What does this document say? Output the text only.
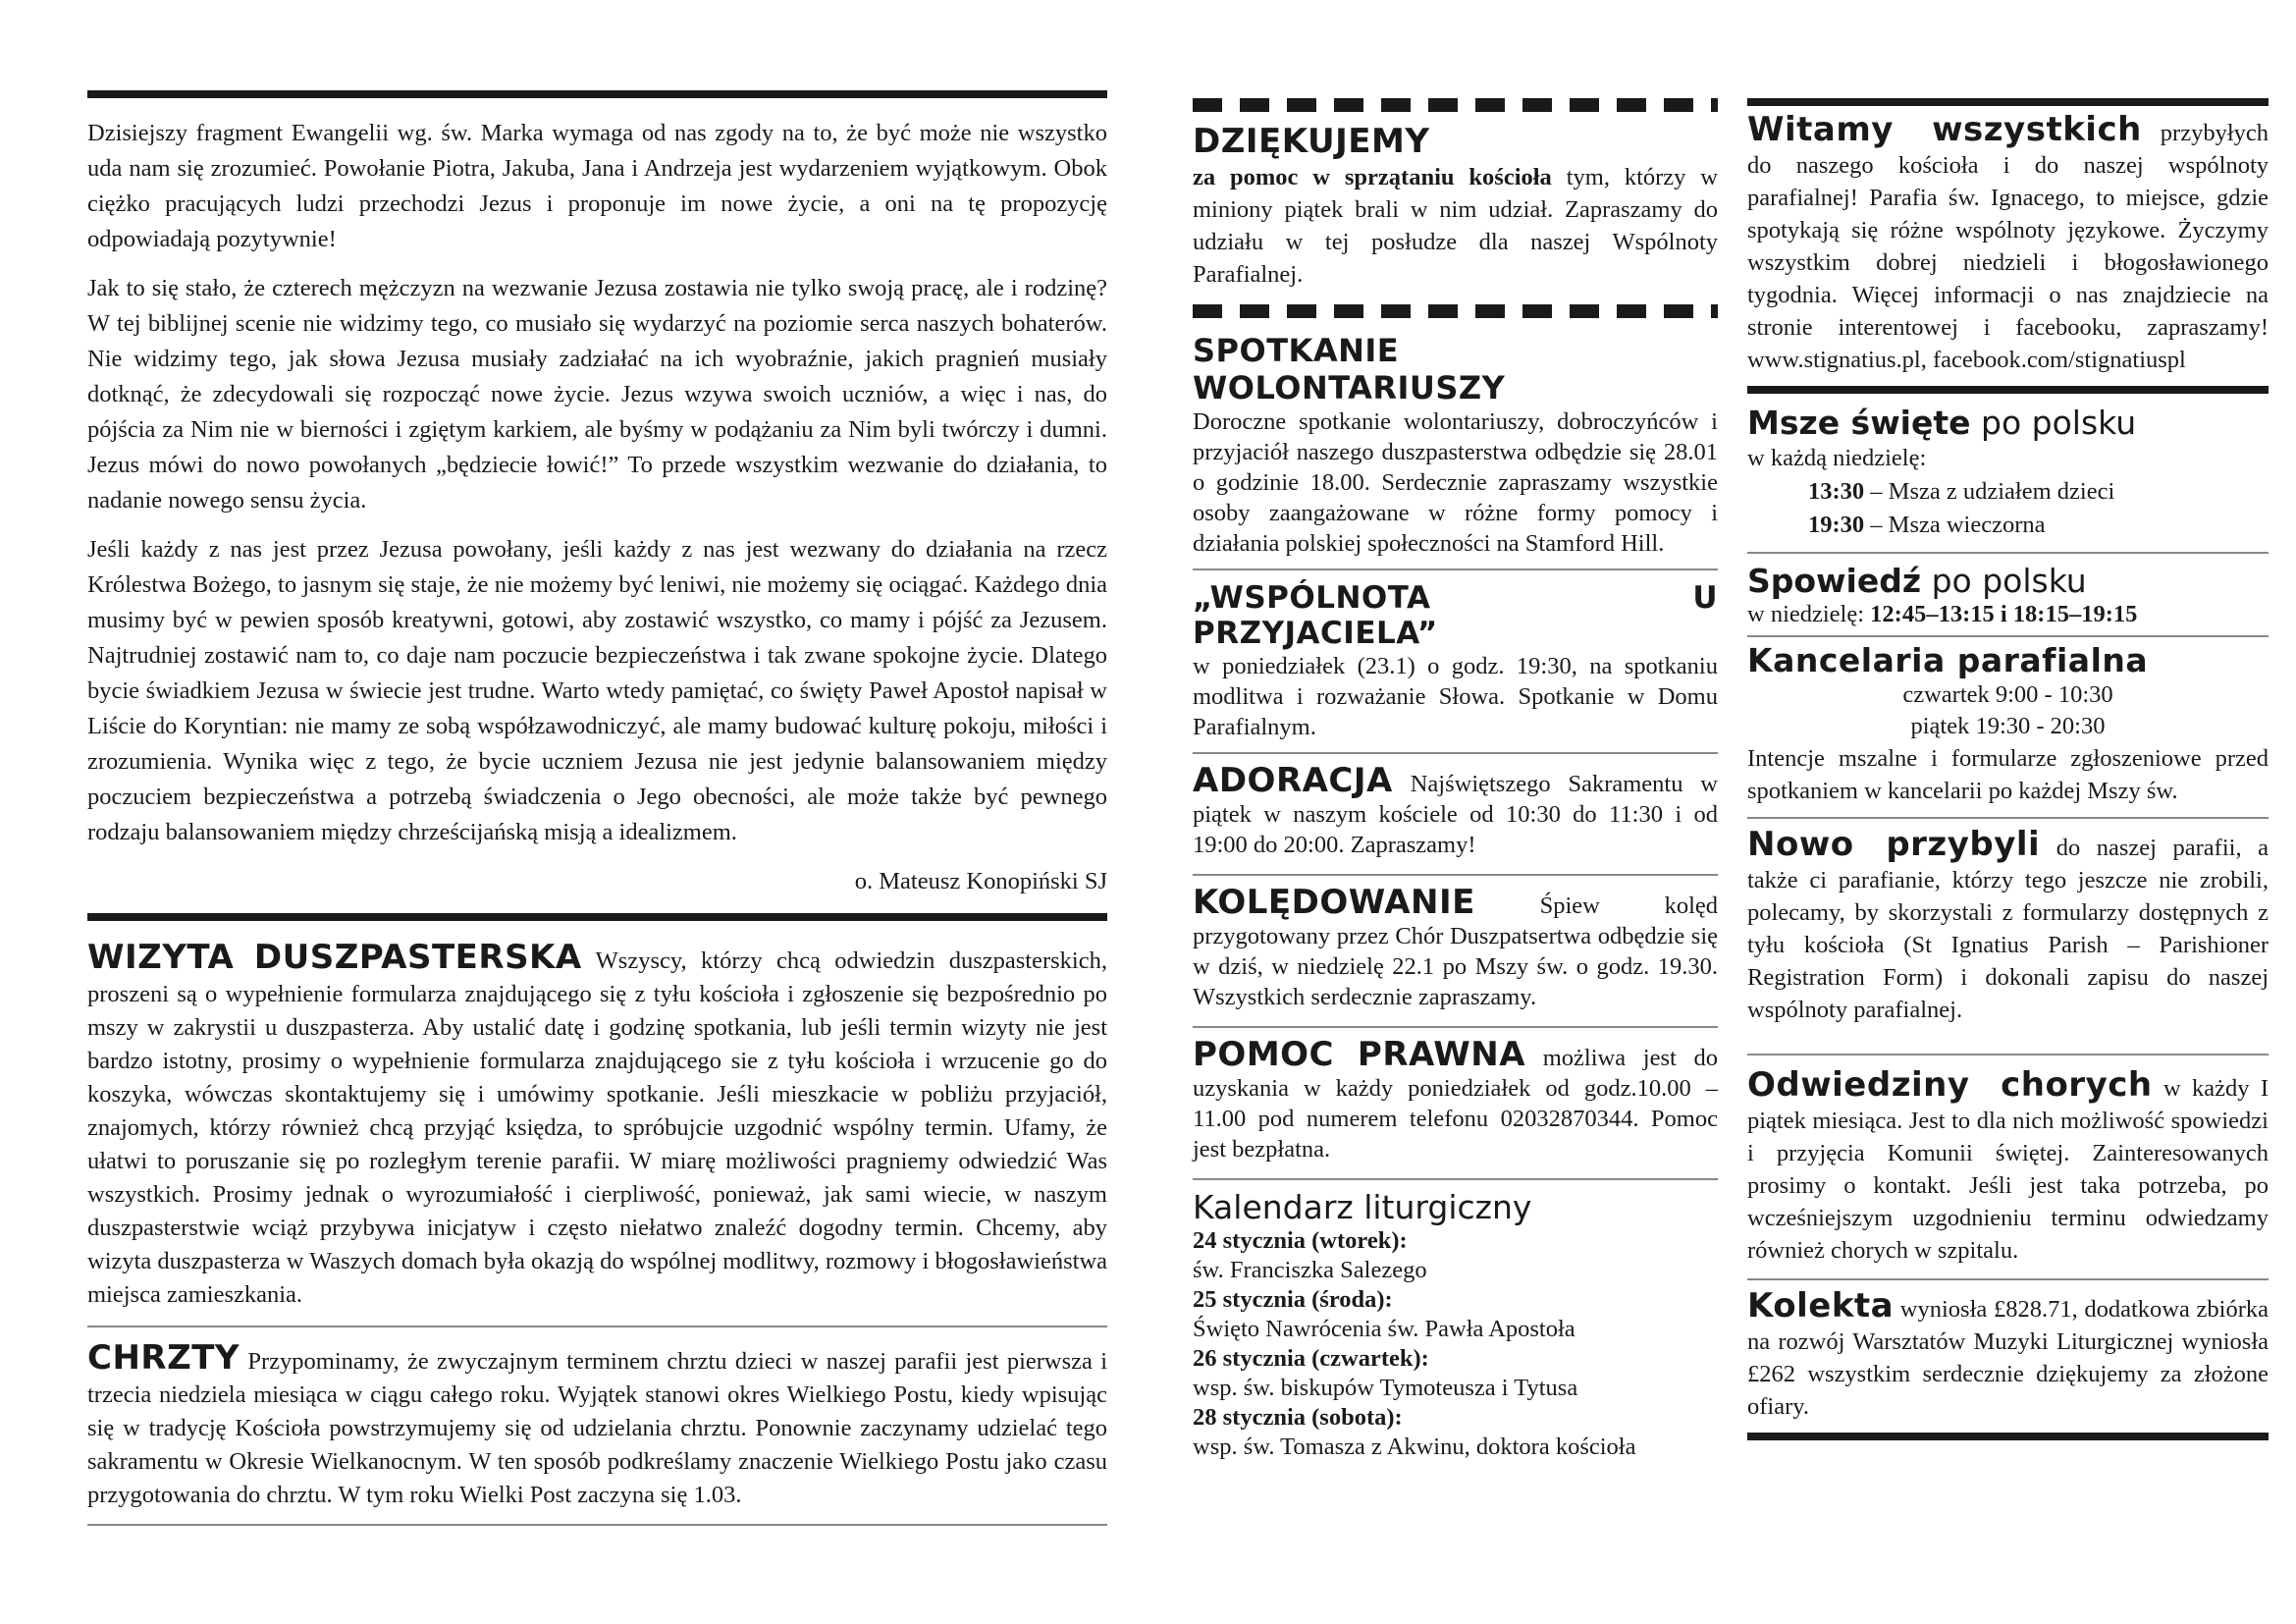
Dzisiejszy fragment Ewangelii wg. św. Marka wymaga od nas zgody na to, że być może nie wszystko uda nam się zrozumieć. Powołanie Piotra, Jakuba, Jana i Andrzeja jest wydarzeniem wyjątkowym. Obok ciężko pracujących ludzi przechodzi Jezus i proponuje im nowe życie, a oni na tę propozycję odpowiadają pozytywnie!

Jak to się stało, że czterech mężczyzn na wezwanie Jezusa zostawia nie tylko swoją pracę, ale i rodzinę? W tej biblijnej scenie nie widzimy tego, co musiało się wydarzyć na poziomie serca naszych bohaterów. Nie widzimy tego, jak słowa Jezusa musiały zadziałać na ich wyobraźnie, jakich pragnień musiały dotknąć, że zdecydowali się rozpocząć nowe życie. Jezus wzywa swoich uczniów, a więc i nas, do pójścia za Nim nie w bierności i zgiętym karkiem, ale byśmy w podążaniu za Nim byli twórczy i dumni. Jezus mówi do nowo powołanych „będziecie łowić!” To przede wszystkim wezwanie do działania, to nadanie nowego sensu życia.

Jeśli każdy z nas jest przez Jezusa powołany, jeśli każdy z nas jest wezwany do działania na rzecz Królestwa Bożego, to jasnym się staje, że nie możemy być leniwi, nie możemy się ociągać. Każdego dnia musimy być w pewien sposób kreatywni, gotowi, aby zostawić wszystko, co mamy i pójść za Jezusem. Najtrudniej zostawić nam to, co daje nam poczucie bezpieczeństwa i tak zwane spokojne życie. Dlatego bycie świadkiem Jezusa w świecie jest trudne. Warto wtedy pamiętać, co święty Paweł Apostoł napisał w Liście do Koryntian: nie mamy ze sobą współzawodniczyć, ale mamy budować kulturę pokoju, miłości i zrozumienia. Wynika więc z tego, że bycie uczniem Jezusa nie jest jedynie balansowaniem między poczuciem bezpieczeństwa a potrzebą świadczenia o Jego obecności, ale może także być pewnego rodzaju balansowaniem między chrześcijańską misją a idealizmem.

o. Mateusz Konopiński SJ

WIZYTA DUSZPASTERSKA Wszyscy, którzy chcą odwiedzin duszpasterskich, proszeni są o wypełnienie formularza znajdującego się z tyłu kościoła i zgłoszenie się bezpośrednio po mszy w zakrystii u duszpasterza. Aby ustalić datę i godzinę spotkania, lub jeśli termin wizyty nie jest bardzo istotny, prosimy o wypełnienie formularza znajdującego sie z tyłu kościoła i wrzucenie go do koszyka, wówczas skontaktujemy się i umówimy spotkanie. Jeśli mieszkacie w pobliżu przyjaciół, znajomych, którzy również chcą przyjąć księdza, to spróbujcie uzgodnić wspólny termin. Ufamy, że ułatwi to poruszanie się po rozległym terenie parafii. W miarę możliwości pragniemy odwiedzić Was wszystkich. Prosimy jednak o wyrozumiałość i cierpliwość, ponieważ, jak sami wiecie, w naszym duszpasterstwie wciąż przybywa inicjatyw i często niełatwo znaleźć dogodny termin. Chcemy, aby wizyta duszpasterza w Waszych domach była okazją do wspólnej modlitwy, rozmowy i błogosławieństwa miejsca zamieszkania.
CHRZTY Przypominamy, że zwyczajnym terminem chrztu dzieci w naszej parafii jest pierwsza i trzecia niedziela miesiąca w ciągu całego roku. Wyjątek stanowi okres Wielkiego Postu, kiedy wpisując się w tradycję Kościoła powstrzymujemy się od udzielania chrztu. Ponownie zaczynamy udzielać tego sakramentu w Okresie Wielkanocnym. W ten sposób podkreślamy znaczenie Wielkiego Postu jako czasu przygotowania do chrztu. W tym roku Wielki Post zaczyna się 1.03.
DZIĘKUJEMY

za pomoc w sprzątaniu kościoła tym, którzy w miniony piątek brali w nim udział. Zapraszamy do udziału w tej posłudze dla naszej Wspólnoty Parafialnej.

SPOTKANIE WOLONTARIUSZY

Doroczne spotkanie wolontariuszy, dobroczyńców i przyjaciół naszego duszpasterstwa odbędzie się 28.01 o godzinie 18.00. Serdecznie zapraszamy wszystkie osoby zaangażowane w różne formy pomocy i działania polskiej społeczności na Stamford Hill.

„WSPÓLNOTA U PRZYJACIELA”

w poniedziałek (23.1) o godz. 19:30, na spotkaniu modlitwa i rozważanie Słowa. Spotkanie w Domu Parafialnym.

ADORACJA Najświętszego Sakramentu w piątek w naszym kościele od 10:30 do 11:30 i od 19:00 do 20:00. Zapraszamy!
KOLĘDOWANIE	Śpiew kolęd przygotowany przez Chór Duszpatsertwa odbędzie się w dziś, w niedzielę 22.1 po Mszy św. o godz. 19.30. Wszystkich serdecznie zapraszamy.
POMOC PRAWNA możliwa jest do uzyskania w każdy poniedziałek od godz.10.00 – 11.00 pod numerem telefonu 02032870344. Pomoc jest bezpłatna.
Kalendarz liturgiczny
24 stycznia (wtorek):
św. Franciszka Salezego
25 stycznia (środa):
Święto Nawrócenia św. Pawła Apostoła
26 stycznia (czwartek):
wsp. św. biskupów Tymoteusza i Tytusa
28 stycznia (sobota):
wsp. św. Tomasza z Akwinu, doktora kościoła
Witamy wszystkich przybyłych do naszego kościoła i do naszej wspólnoty parafialnej! Parafia św. Ignacego, to miejsce, gdzie spotykają się różne wspólnoty językowe. Życzymy wszystkim dobrej niedzieli i błogosławionego tygodnia. Więcej informacji o nas znajdziecie na stronie interentowej i facebooku, zapraszamy! www.stignatius.pl, facebook.com/stignatiuspl
Msze święte po polsku
w każdą niedzielę:
13:30 – Msza z udziałem dzieci
19:30 – Msza wieczorna
Spowiedź po polsku
w niedzielę: 12:45–13:15 i 18:15–19:15
Kancelaria parafialna
czwartek 9:00 - 10:30
piątek 19:30 - 20:30

Intencje mszalne i formularze zgłoszeniowe przed spotkaniem w kancelarii po każdej Mszy św.

Nowo przybyli do naszej parafii, a także ci parafianie, którzy tego jeszcze nie zrobili, polecamy, by skorzystali z formularzy dostępnych z tyłu kościoła (St Ignatius Parish – Parishioner Registration Form) i dokonali zapisu do naszej wspólnoty parafialnej.
Odwiedziny chorych w każdy I piątek miesiąca. Jest to dla nich możliwość spowiedzi i przyjęcia Komunii świętej. Zainteresowanych prosimy o kontakt. Jeśli jest taka potrzeba, po wcześniejszym uzgodnieniu terminu odwiedzamy również chorych w szpitalu.
Kolekta wyniosła £828.71, dodatkowa zbiórka na rozwój Warsztatów Muzyki Liturgicznej wyniosła £262 wszystkim serdecznie dziękujemy za złożone ofiary.
